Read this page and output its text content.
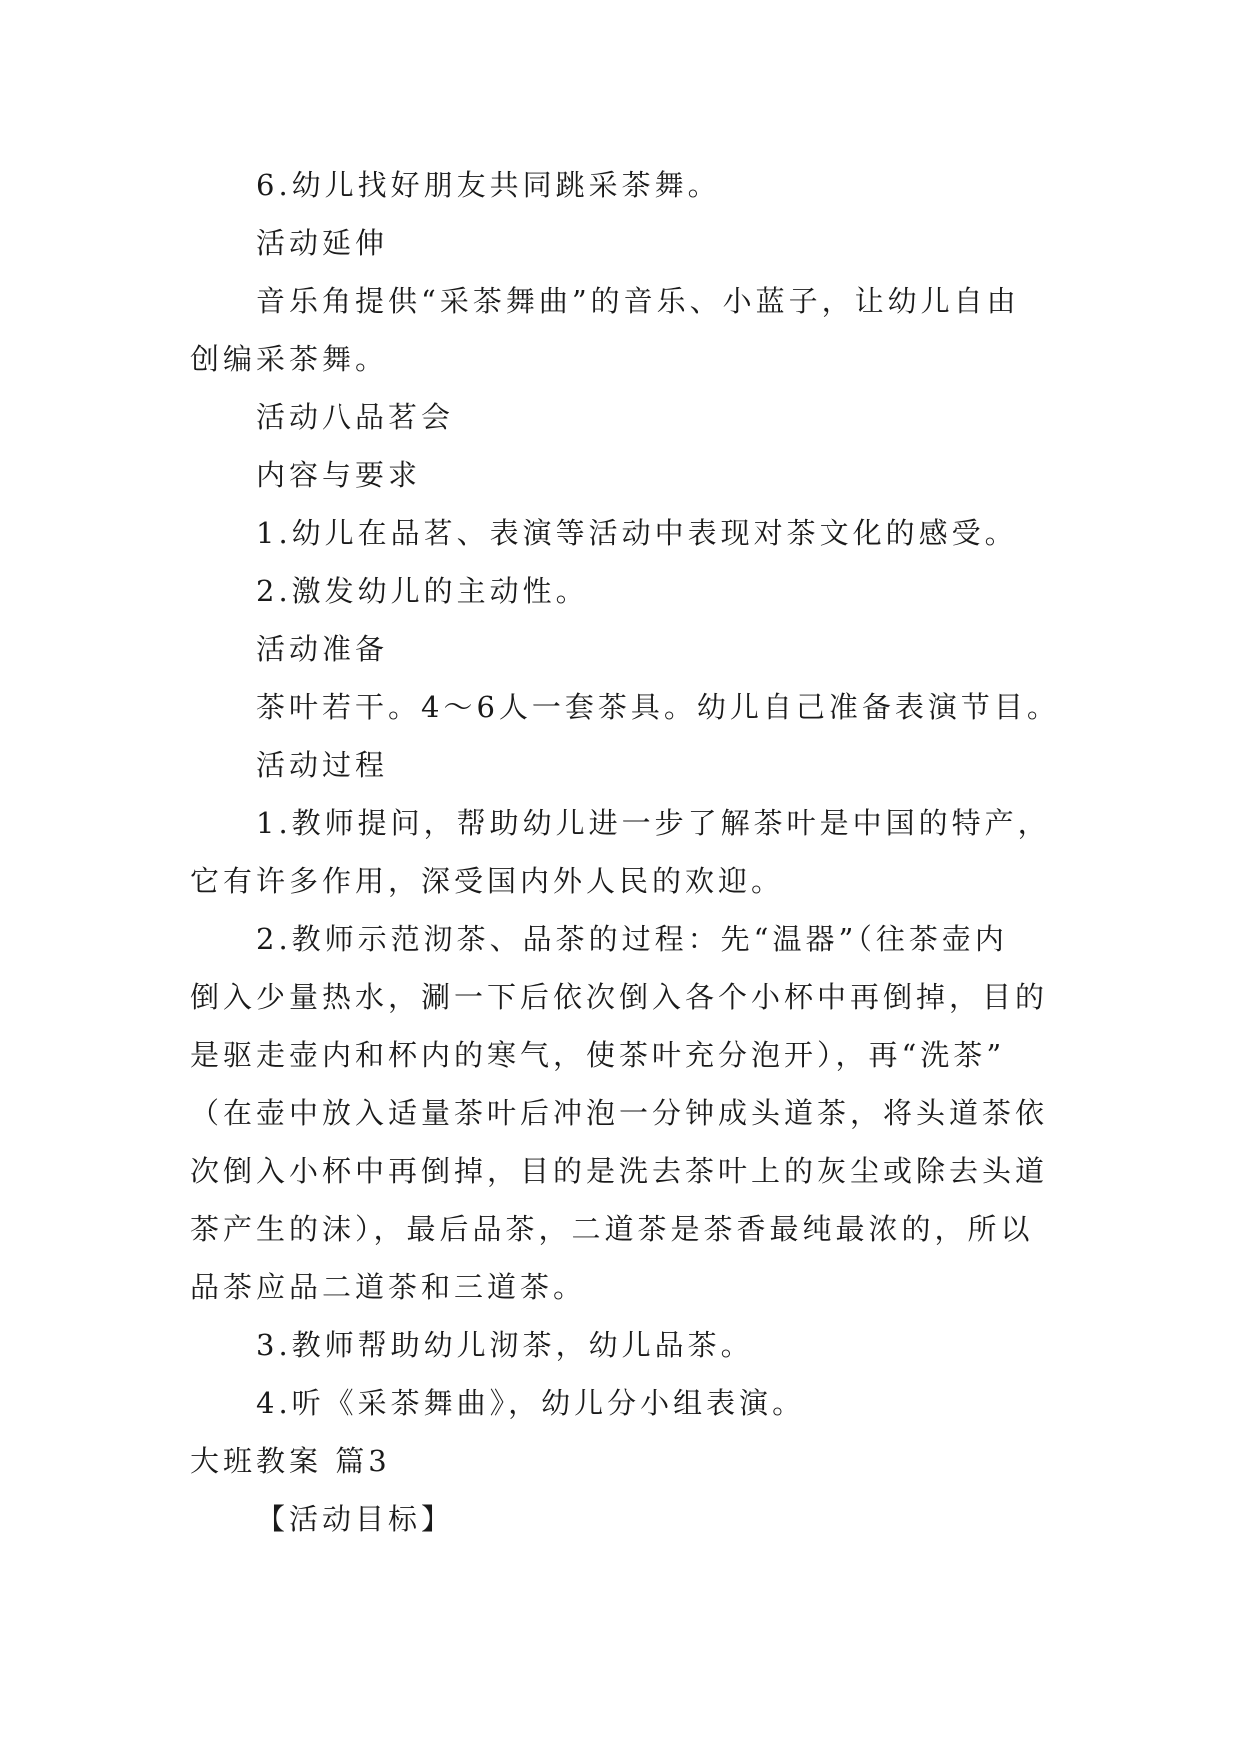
6.幼儿找好朋友共同跳采茶舞。

活动延伸

音乐角提供“采茶舞曲”的音乐、小蓝子，让幼儿自由

创编采茶舞。

活动八品茗会

内容与要求

1.幼儿在品茗、表演等活动中表现对茶文化的感受。

2.激发幼儿的主动性。

活动准备

茶叶若干。4～6人一套茶具。幼儿自己准备表演节目。

活动过程

1.教师提问，帮助幼儿进一步了解茶叶是中国的特产，

它有许多作用，深受国内外人民的欢迎。

2.教师示范沏茶、品茶的过程：先“温器”（往茶壶内

倒入少量热水，涮一下后依次倒入各个小杯中再倒掉，目的

是驱走壶内和杯内的寒气，使茶叶充分泡开），再“洗茶”

（在壶中放入适量茶叶后冲泡一分钟成头道茶，将头道茶依

次倒入小杯中再倒掉，目的是洗去茶叶上的灰尘或除去头道

茶产生的沫），最后品茶，二道茶是茶香最纯最浓的，所以

品茶应品二道茶和三道茶。

3.教师帮助幼儿沏茶，幼儿品茶。

4.听《采茶舞曲》，幼儿分小组表演。

大班教案 篇3

【活动目标】
